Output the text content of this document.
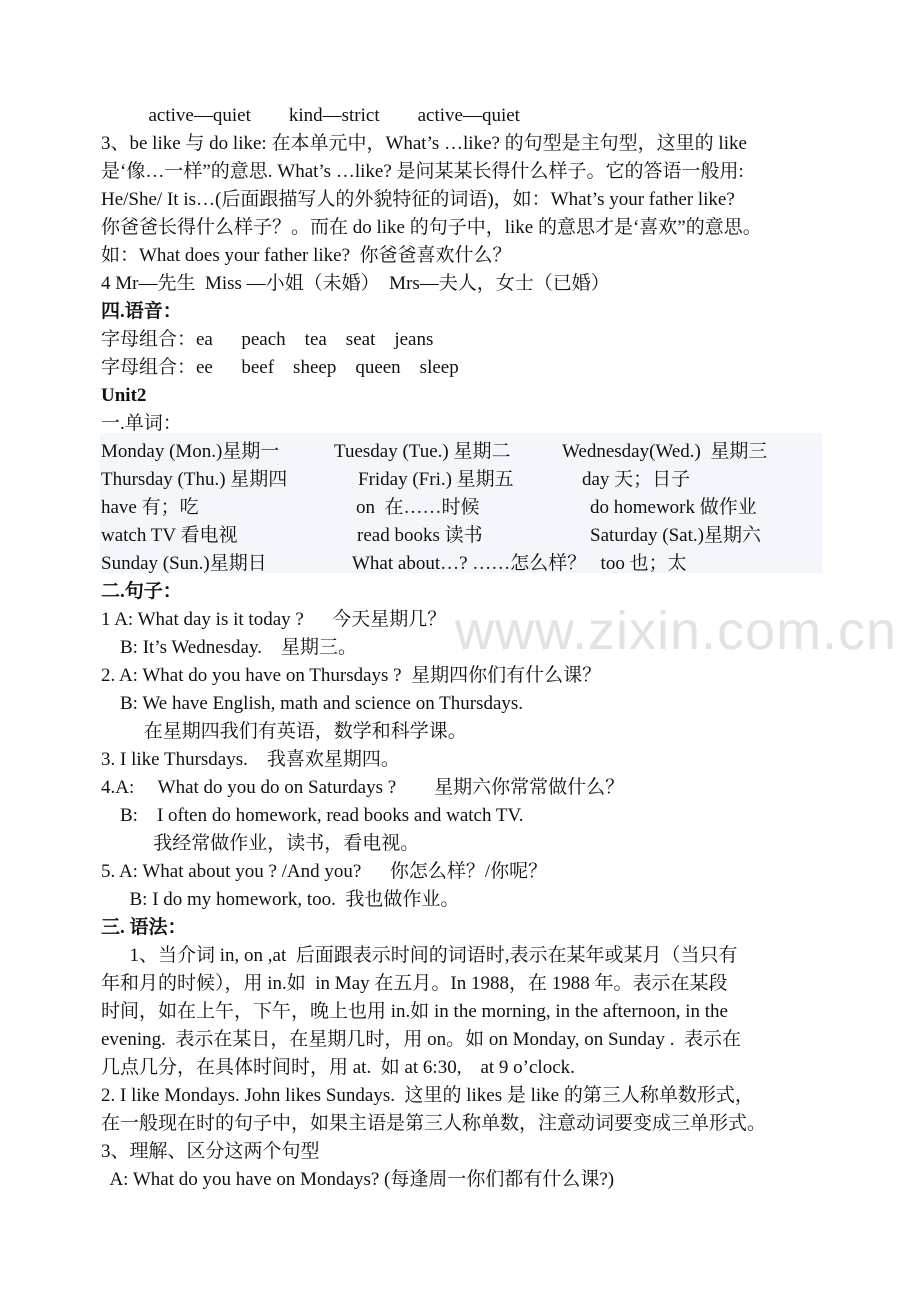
active—quiet        kind—strict        active—quiet
3、be like 与 do like: 在本单元中，What’s …like? 的句型是主句型，这里的 like
是‘像…一样”的意思. What’s …like? 是问某某长得什么样子。它的答语一般用:
He/She/ It is…(后面跟描写人的外貌特征的词语)，如：What’s your father like?
你爸爸长得什么样子？。而在 do like 的句子中，like 的意思才是‘喜欢”的意思。
如：What does your father like?  你爸爸喜欢什么？
4 Mr—先生  Miss —小姐（未婚）  Mrs—夫人，女士（已婚）
四.语音：
字母组合：ea      peach    tea    seat    jeans
字母组合：ee      beef    sheep    queen    sleep
Unit2
一.单词：
Monday (Mon.)星期一	Tuesday (Tue.) 星期二	Wednesday(Wed.)  星期三
Thursday (Thu.) 星期四	Friday (Fri.) 星期五	day 天；日子
have 有；吃	on  在……时候	do homework 做作业
watch TV 看电视	read books 读书	Saturday (Sat.)星期六
Sunday (Sun.)星期日	What about…? ……怎么样？   too 也；太
二.句子：
1 A: What day is it today ?      今天星期几？
B: It’s Wednesday.    星期三。
2. A: What do you have on Thursdays ?  星期四你们有什么课？
B: We have English, math and science on Thursdays.
在星期四我们有英语，数学和科学课。
3. I like Thursdays.    我喜欢星期四。
4.A:     What do you do on Saturdays ?        星期六你常常做什么？
B:    I often do homework, read books and watch TV.
我经常做作业，读书，看电视。
5. A: What about you ? /And you?      你怎么样？/你呢？
B: I do my homework, too.  我也做作业。
三. 语法：
1、当介词 in, on ,at  后面跟表示时间的词语时,表示在某年或某月（当只有
年和月的时候），用 in.如  in May 在五月。In 1988，在 1988 年。表示在某段
时间，如在上午，下午，晚上也用 in.如 in the morning, in the afternoon, in the
evening.  表示在某日，在星期几时，用 on。如 on Monday, on Sunday .  表示在
几点几分，在具体时间时，用 at.  如 at 6:30,    at 9 o’clock.
2. I like Mondays. John likes Sundays.  这里的 likes 是 like 的第三人称单数形式，
在一般现在时的句子中，如果主语是第三人称单数，注意动词要变成三单形式。
3、理解、区分这两个句型
A: What do you have on Mondays? (每逢周一你们都有什么课?)
www.zixin.com.cn
